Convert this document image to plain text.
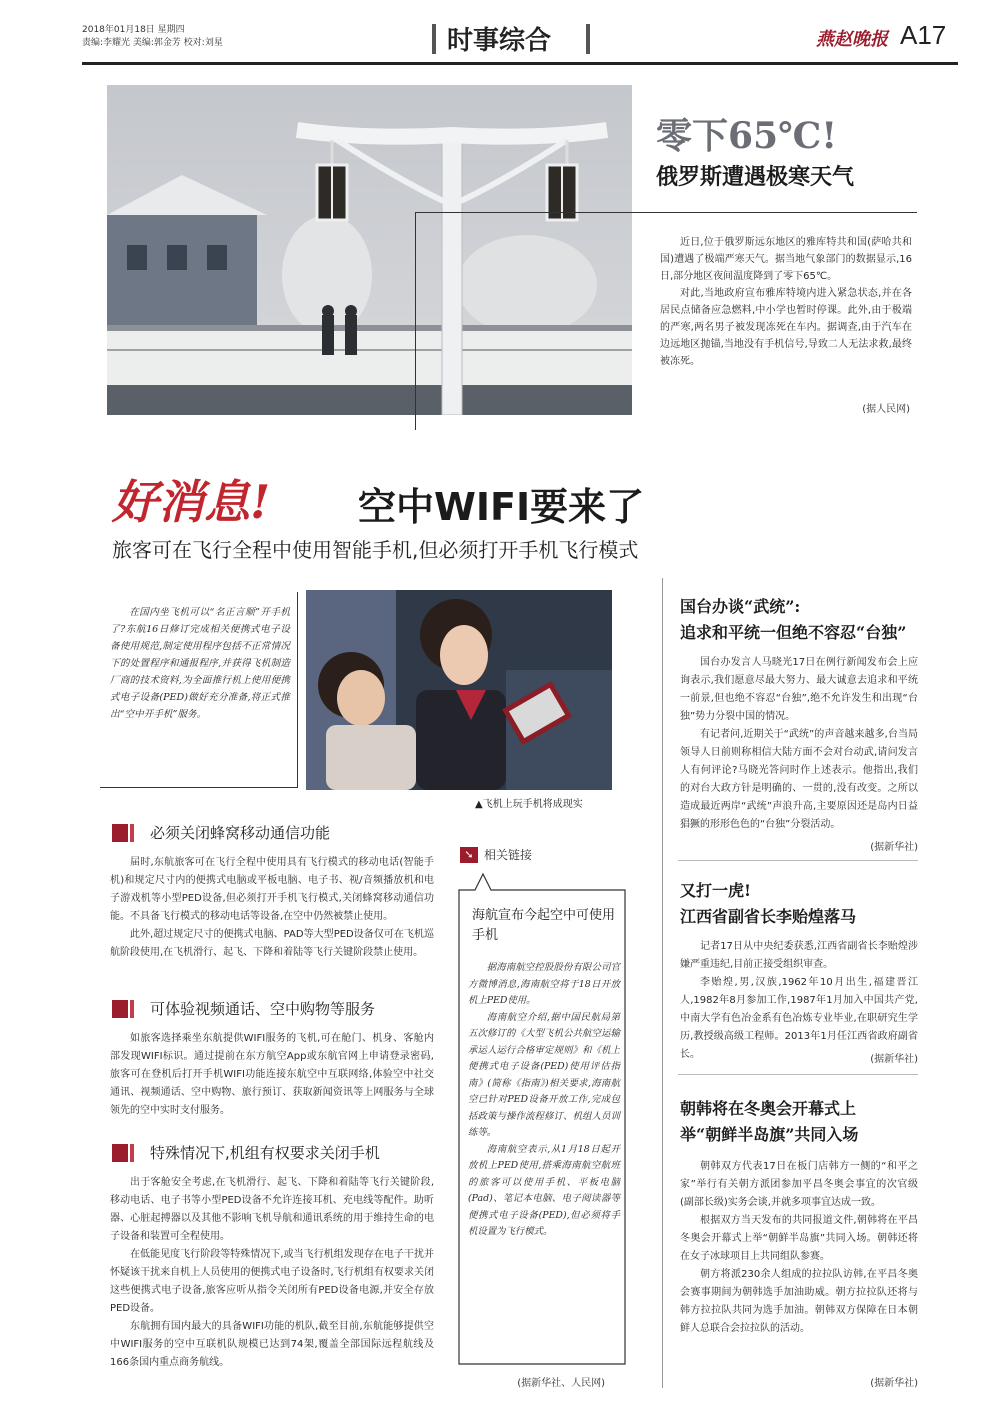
2018年01月18日 星期四
责编:李耀光 美编:郭金芳 校对:刘星	时事综合	燕赵晚报 A17
零下65℃!
俄罗斯遭遇极寒天气

近日,位于俄罗斯远东地区的雅库特共和国(萨哈共和国)遭遇了极端严寒天气。据当地气象部门的数据显示,16日,部分地区夜间温度降到了零下65℃。

对此,当地政府宣布雅库特境内进入紧急状态,并在各居民点储备应急燃料,中小学也暂时停课。此外,由于极端的严寒,两名男子被发现冻死在车内。据调查,由于汽车在边远地区抛锚,当地没有手机信号,导致二人无法求救,最终被冻死。

(据人民网)
好消息! 空中WIFI要来了
旅客可在飞行全程中使用智能手机,但必须打开手机飞行模式

在国内坐飞机可以“名正言顺”开手机了?东航16日修订完成相关便携式电子设备使用规范,制定使用程序包括不正常情况下的处置程序和通报程序,并获得飞机制造厂商的技术资料,为全面推行机上使用便携式电子设备(PED)做好充分准备,将正式推出“空中开手机”服务。

▲飞机上玩手机将成现实
必须关闭蜂窝移动通信功能

届时,东航旅客可在飞行全程中使用具有飞行模式的移动电话(智能手机)和规定尺寸内的便携式电脑或平板电脑、电子书、视/音频播放机和电子游戏机等小型PED设备,但必须打开手机飞行模式,关闭蜂窝移动通信功能。不具备飞行模式的移动电话等设备,在空中仍然被禁止使用。

此外,超过规定尺寸的便携式电脑、PAD等大型PED设备仅可在飞机巡航阶段使用,在飞机滑行、起飞、下降和着陆等飞行关键阶段禁止使用。

可体验视频通话、空中购物等服务

如旅客选择乘坐东航提供WIFI服务的飞机,可在舱门、机身、客舱内部发现WIFI标识。通过提前在东方航空App或东航官网上申请登录密码,旅客可在登机后打开手机WIFI功能连接东航空中互联网络,体验空中社交通讯、视频通话、空中购物、旅行预订、获取新闻资讯等上网服务与全球领先的空中实时支付服务。

特殊情况下,机组有权要求关闭手机

出于客舱安全考虑,在飞机滑行、起飞、下降和着陆等飞行关键阶段,移动电话、电子书等小型PED设备不允许连接耳机、充电线等配件。助听器、心脏起搏器以及其他不影响飞机导航和通讯系统的用于维持生命的电子设备和装置可全程使用。

在低能见度飞行阶段等特殊情况下,或当飞行机组发现存在电子干扰并怀疑该干扰来自机上人员使用的便携式电子设备时,飞行机组有权要求关闭这些便携式电子设备,旅客应听从指令关闭所有PED设备电源,并安全存放PED设备。

东航拥有国内最大的具备WIFI功能的机队,截至目前,东航能够提供空中WIFI服务的空中互联机队规模已达到74架,覆盖全部国际远程航线及166条国内重点商务航线。

➘ 相关链接
海航宣布今起空中可使用手机

据海南航空控股股份有限公司官方微博消息,海南航空将于18日开放机上PED使用。

海南航空介绍,据中国民航局第五次修订的《大型飞机公共航空运输承运人运行合格审定规则》和《机上便携式电子设备(PED)使用评估指南》(简称《指南》)相关要求,海南航空已针对PED设备开放工作,完成包括政策与操作流程修订、机组人员训练等。

海南航空表示,从1月18日起开放机上PED使用,搭乘海南航空航班的旅客可以使用手机、平板电脑(Pad)、笔记本电脑、电子阅读器等便携式电子设备(PED),但必须将手机设置为飞行模式。

(据新华社、人民网)
国台办谈“武统”:
追求和平统一但绝不容忍“台独”

国台办发言人马晓光17日在例行新闻发布会上应询表示,我们愿意尽最大努力、最大诚意去追求和平统一前景,但也绝不容忍“台独”,绝不允许发生和出现“台独”势力分裂中国的情况。

有记者问,近期关于“武统”的声音越来越多,台当局领导人日前则称相信大陆方面不会对台动武,请问发言人有何评论?马晓光答问时作上述表示。他指出,我们的对台大政方针是明确的、一贯的,没有改变。之所以造成最近两岸“武统”声浪升高,主要原因还是岛内日益猖獗的形形色色的“台独”分裂活动。

(据新华社)
又打一虎!
江西省副省长李贻煌落马

记者17日从中央纪委获悉,江西省副省长李贻煌涉嫌严重违纪,目前正接受组织审查。

李贻煌,男,汉族,1962年10月出生,福建晋江人,1982年8月参加工作,1987年1月加入中国共产党,中南大学有色冶金系有色冶炼专业毕业,在职研究生学历,教授级高级工程师。2013年1月任江西省政府副省长。	(据新华社)
朝韩将在冬奥会开幕式上
举“朝鲜半岛旗”共同入场

朝韩双方代表17日在板门店韩方一侧的“和平之家”举行有关朝方派团参加平昌冬奥会事宜的次官级(副部长级)实务会谈,并就多项事宜达成一致。

根据双方当天发布的共同报道文件,朝韩将在平昌冬奥会开幕式上举“朝鲜半岛旗”共同入场。朝韩还将在女子冰球项目上共同组队参赛。

朝方将派230余人组成的拉拉队访韩,在平昌冬奥会赛事期间为朝韩选手加油助威。朝方拉拉队还将与韩方拉拉队共同为选手加油。朝韩双方保障在日本朝鲜人总联合会拉拉队的活动。

(据新华社)
